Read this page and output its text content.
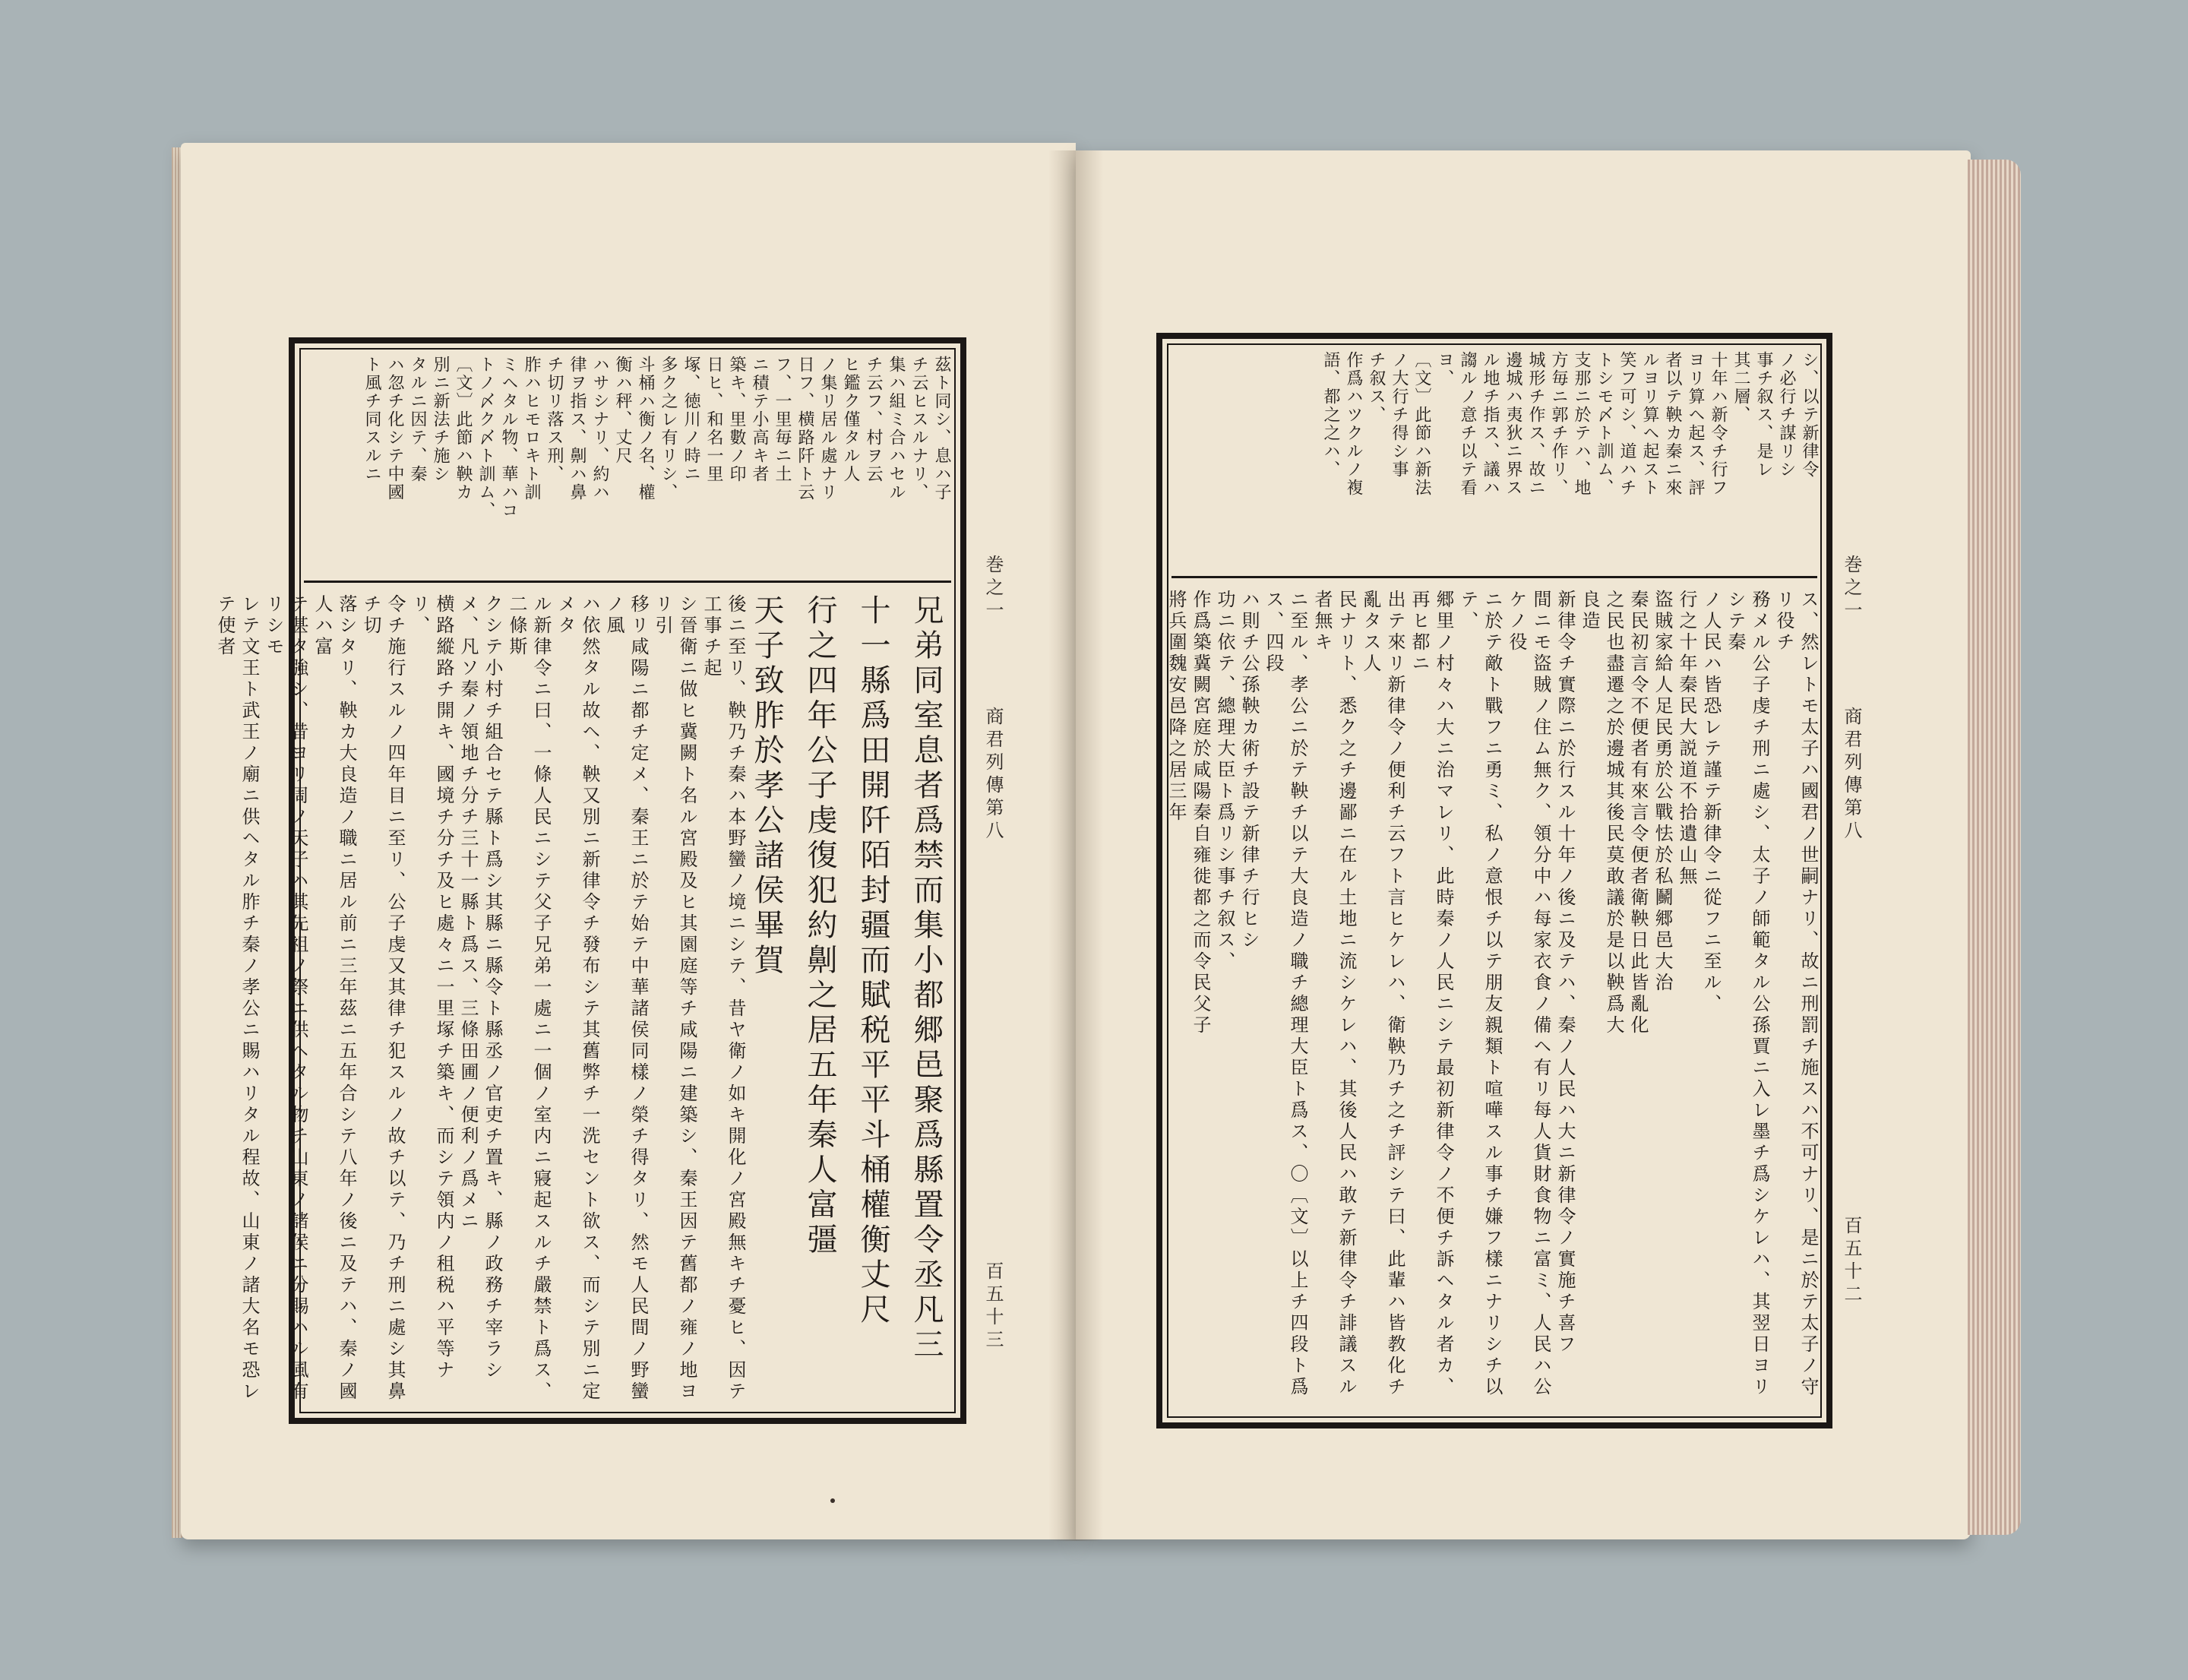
巻之一
商君列傳第八
百五十三
巻之一
商君列傳第八
百五十二
茲ト同シ、息ハ子
チ云ヒスルナリ、
集ハ組ミ合ハセル
チ云フ、村ヲ云
ヒ鑑ク僅タル人
ノ集リ居ル處ナリ
日フ、横路阡ト云
フ、一里毎ニ土
ニ積テ小高キ者
築キ、里數ノ印
日ヒ、和名一里
塚、徳川ノ時ニ
多ク之レ有リシ、
斗桶ハ衡ノ名、權
衡ハ秤、丈尺
ハサシナリ、約ハ
律ヲ指ス、劓ハ鼻
チ切リ落ス刑、
胙ハヒモロキト訓
ミヘタル物、華ハコ
トノ〆ク〆ト訓ム、
〔文〕此節ハ鞅カ
別ニ新法チ施シ
タルニ因テ、秦
ハ忽チ化シテ中國
ト風チ同スルニ
兄弟同室息者爲禁而集小都郷邑聚爲縣置令丞凡三
十一縣爲田開阡陌封疆而賦税平平斗桶權衡丈尺
行之四年公子虔復犯約劓之居五年秦人富彊
天子致胙於孝公諸侯畢賀
後ニ至リ、鞅乃チ秦ハ本野蠻ノ境ニシテ、昔ヤ衛ノ如キ開化ノ宮殿無キチ憂ヒ、因テ工事チ起
シ晉衛ニ做ヒ冀闕ト名ル宮殿及ヒ其園庭等チ咸陽ニ建築シ、秦王因テ舊都ノ雍ノ地ヨリ引
移リ咸陽ニ都チ定メ、秦王ニ於テ始テ中華諸侯同樣ノ榮チ得タリ、然モ人民間ノ野蠻ノ風
ハ依然タル故ヘ、鞅又別ニ新律令チ發布シテ其舊弊チ一洗セント欲ス、而シテ別ニ定メタ
ル新律令ニ曰、一條人民ニシテ父子兄弟一處ニ一個ノ室内ニ寢起スルチ嚴禁ト爲ス、二條斯
クシテ小村チ組合セテ縣ト爲シ其縣ニ縣令ト縣丞ノ官吏チ置キ、縣ノ政務チ宰ラシメ、凡ソ秦ノ領地チ分チ三十一縣ト爲ス、三條田圃ノ便利ノ爲メニ
横路縱路チ開キ、國境チ分チ及ヒ處々ニ一里塚チ築キ、而シテ領内ノ租税ハ平等ナリ、
令チ施行スルノ四年目ニ至リ、公子虔又其律チ犯スルノ故チ以テ、乃チ刑ニ處シ其鼻チ切
落シタリ、鞅カ大良造ノ職ニ居ル前ニ三年茲ニ五年合シテ八年ノ後ニ及テハ、秦ノ國人ハ富
テ甚タ強シ、昔ヨリ周ノ天子ハ其先祖ノ祭ニ供ヘタル物チ山東ノ諸侯ニ分賜ハル風有リシモ
レテ文王ト武王ノ廟ニ供ヘタル胙チ秦ノ孝公ニ賜ハリタル程故、山東ノ諸大名モ恐レテ使者
シ、以テ新律令
ノ必行チ謀リシ
事チ叙ス、是レ
其二層、
十年ハ新令チ行フ
ヨリ算ヘ起ス、評
者以テ鞅カ秦ニ來
ルヨリ算ヘ起スト
笑フ可シ、道ハチ
トシモ〆ト訓ム、
支那ニ於テハ、地
方毎ニ郭チ作リ、
城形チ作ス、故ニ
邊城ハ夷狄ニ界ス
ル地チ指ス、議ハ
謅ルノ意チ以テ看
ヨ、
〔文〕此節ハ新法
ノ大行チ得シ事
チ叙ス、
作爲ハツクルノ複
語、都之之ハ、
ス、然レトモ太子ハ國君ノ世嗣ナリ、故ニ刑罰チ施スハ不可ナリ、是ニ於テ太子ノ守リ役チ
務メル公子虔チ刑ニ處シ、太子ノ師範タル公孫賈ニ入レ墨チ爲シケレハ、其翌日ヨリシテ秦
ノ人民ハ皆恐レテ謹テ新律令ニ從フニ至ル、
行之十年秦民大説道不拾遺山無
盜賊家給人足民勇於公戰怯於私鬭郷邑大治
秦民初言令不便者有來言令便者衛鞅日此皆亂化
之民也盡遷之於邊城其後民莫敢議於是以鞅爲大
良造
新律令チ實際ニ於行スル十年ノ後ニ及テハ、秦ノ人民ハ大ニ新律令ノ實施チ喜フ
間ニモ盜賊ノ住ム無ク、領分中ハ每家衣食ノ備ヘ有リ每人貨財食物ニ富ミ、人民ハ公ケノ役
ニ於テ敵ト戰フニ勇ミ、私ノ意恨チ以テ朋友親類ト喧嘩スル事チ嫌フ樣ニナリシチ以テ、
郷里ノ村々ハ大ニ治マレリ、此時秦ノ人民ニシテ最初新律令ノ不便チ訴ヘタル者カ、再ヒ都ニ
出テ來リ新律令ノ便利チ云フト言ヒケレハ、衛鞅乃チ之チ評シテ曰、此輩ハ皆教化チ亂タス人
民ナリト、悉ク之チ邊鄙ニ在ル土地ニ流シケレハ、其後人民ハ敢テ新律令チ誹議スル者無キ
ニ至ル、孝公ニ於テ鞅チ以テ大良造ノ職チ總理大臣ト爲ス、〇〔文〕以上チ四段ト爲ス、四段
ハ則チ公孫鞅カ術チ設テ新律チ行ヒシ
功ニ依テ、總理大臣ト爲リシ事チ叙ス、
作爲築冀闕宮庭於咸陽秦自雍徙都之而令民父子
將兵圍魏安邑降之居三年
